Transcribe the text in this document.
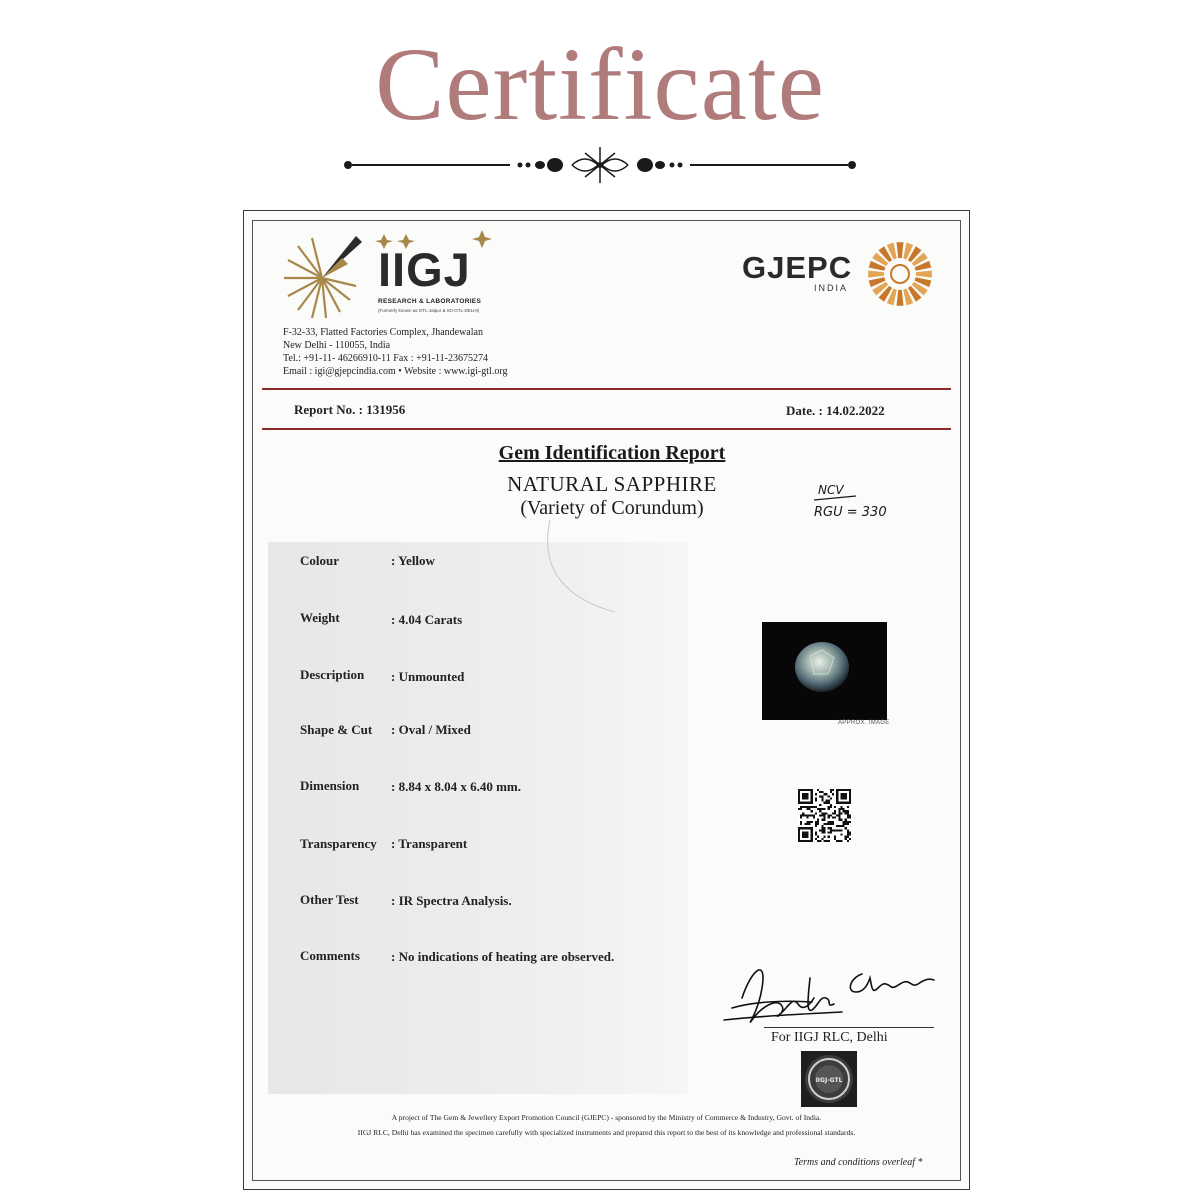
Certificate
IIGJ
RESEARCH & LABORATORIES
(Formerly known as GTL-Jaipur & IGI-GTL-DELHI)
GJEPC
INDIA
F-32-33, Flatted Factories Complex, Jhandewalan
New Delhi - 110055, India
Tel.: +91-11- 46266910-11 Fax : +91-11-23675274
Email : igi@gjepcindia.com • Website : www.igi-gtl.org
Report No. : 131956	Date. : 14.02.2022
Gem Identification Report
NATURAL SAPPHIRE
(Variety of Corundum)
NCV
RGU = 330
Colour	: Yellow
Weight	: 4.04 Carats
Description : Unmounted
Shape & Cut : Oval / Mixed
Dimension : 8.84 x 8.04 x 6.40 mm.
Transparency : Transparent
Other Test : IR Spectra Analysis.
Comments : No indications of heating are observed.
APPROX. IMAGE
For IIGJ RLC, Delhi
IIGJ-GTL
A project of The Gem & Jewellery Export Promotion Council (GJEPC) - sponsored by the Ministry of Commerce & Industry, Govt. of India.
IIGJ RLC, Delhi has examined the specimen carefully with specialized instruments and prepared this report to the best of its knowledge and professional standards.
Terms and conditions overleaf *
